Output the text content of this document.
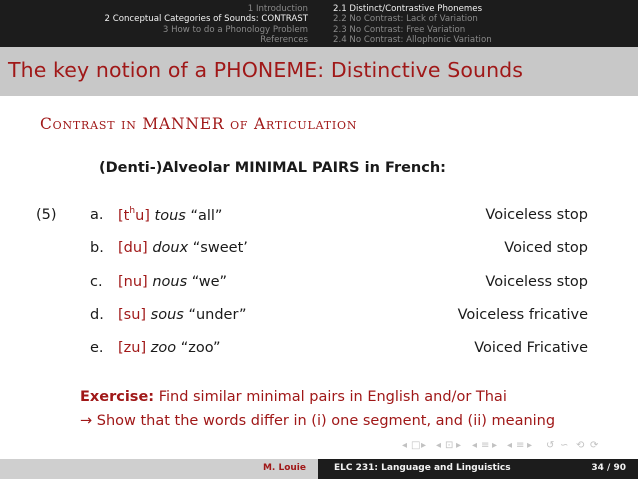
1 Introduction
2 Conceptual Categories of Sounds: CONTRAST
3 How to do a Phonology Problem
References
2.1 Distinct/Contrastive Phonemes
2.2 No Contrast: Lack of Variation
2.3 No Contrast: Free Variation
2.4 No Contrast: Allophonic Variation
The key notion of a PHONEME: Distinctive Sounds
Contrast in MANNER of Articulation
(Denti-)Alveolar MINIMAL PAIRS in French:
(5) a. $[t^hu]$ tous “all”	Voiceless stop
b. [du] doux “sweet’	Voiced stop
c. [nu] nous “we”	Voiceless stop
d. [su] sous “under”	Voiceless fricative
e. [zu] zoo “zoo”	Voiced Fricative
Exercise: Find similar minimal pairs in English and/or Thai
→ Show that the words differ in (i) one segment, and (ii) meaning
◂ □ ▸ ◂ ⊡ ▸ ◂ ≡ ▸ ◂ ≡ ▸ ↺ ∽ ⟲ ⟳
M. Louie	ELC 231: Language and Linguistics	34 / 90
